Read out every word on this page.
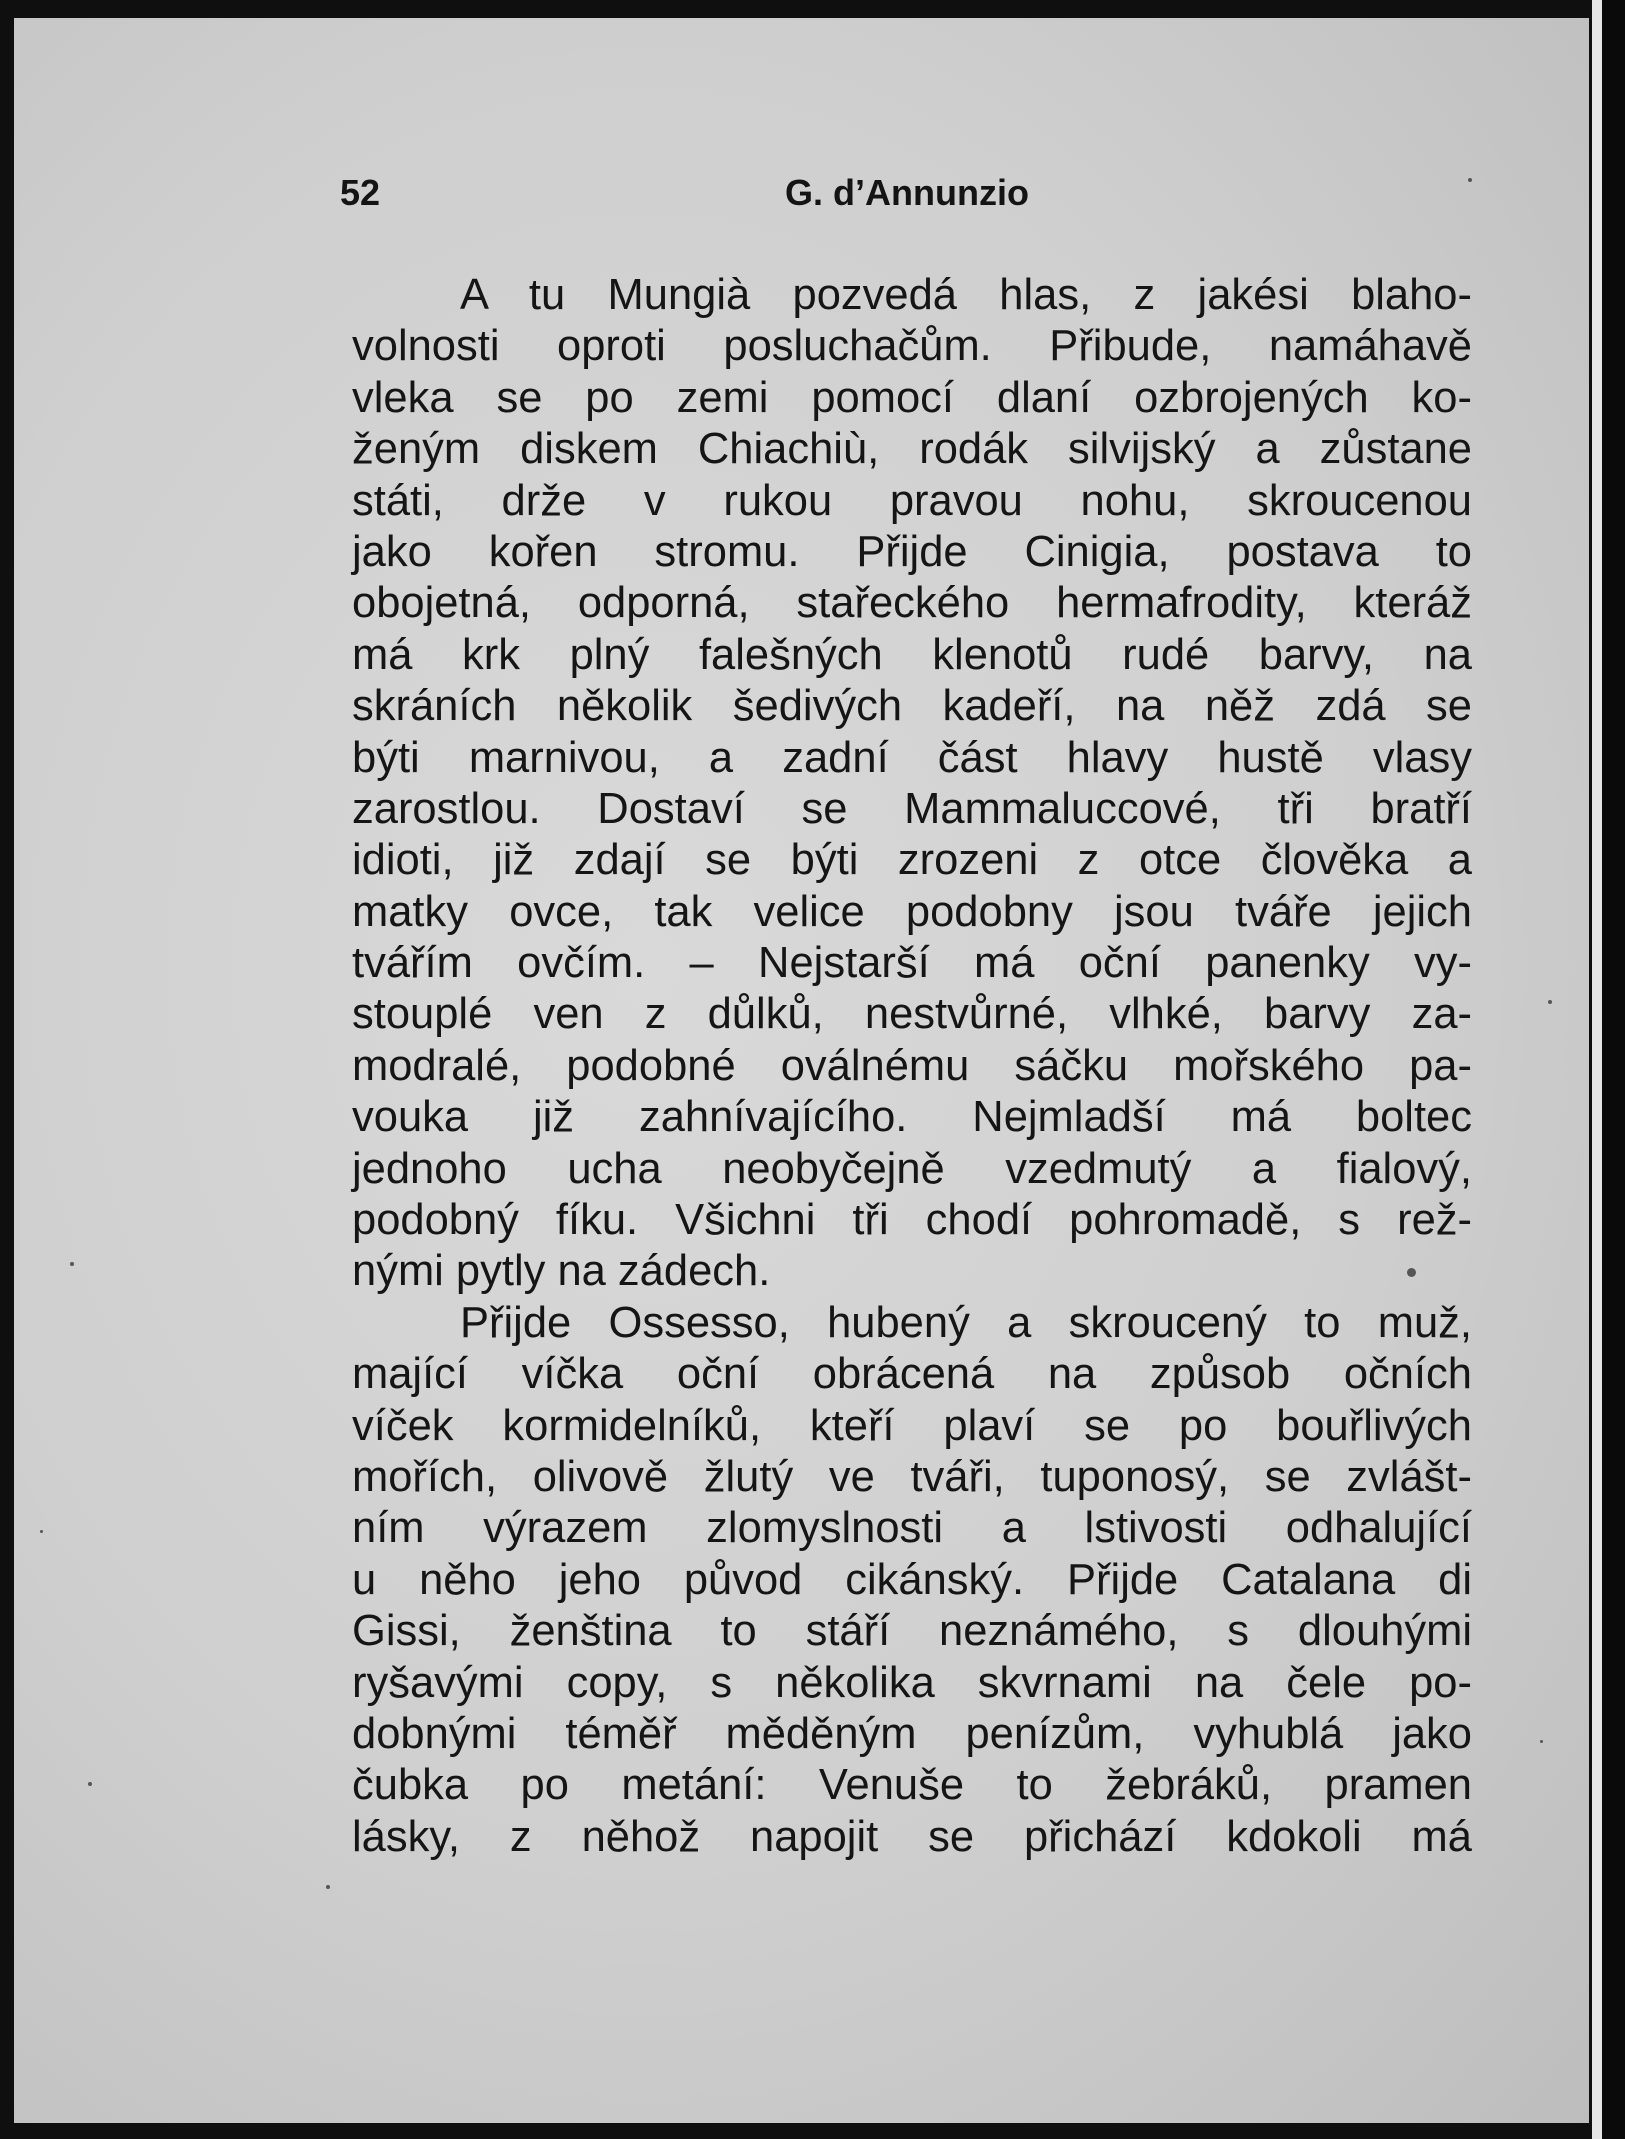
52	G. d’Annunzio
A tu Mungià pozvedá hlas, z jakési blaho-
volnosti oproti posluchačům. Přibude, namáhavě
vleka se po zemi pomocí dlaní ozbrojených ko-
ženým diskem Chiachiù, rodák silvijský a zůstane
státi, drže v rukou pravou nohu, skroucenou
jako kořen stromu. Přijde Cinigia, postava to
obojetná, odporná, stařeckého hermafrodity, kteráž
má krk plný falešných klenotů rudé barvy, na
skráních několik šedivých kadeří, na něž zdá se
býti marnivou, a zadní část hlavy hustě vlasy
zarostlou. Dostaví se Mammaluccové, tři bratří
idioti, již zdají se býti zrozeni z otce člověka a
matky ovce, tak velice podobny jsou tváře jejich
tvářím ovčím. – Nejstarší má oční panenky vy-
stouplé ven z důlků, nestvůrné, vlhké, barvy za-
modralé, podobné oválnému sáčku mořského pa-
vouka již zahnívajícího. Nejmladší má boltec
jednoho ucha neobyčejně vzedmutý a fialový,
podobný fíku. Všichni tři chodí pohromadě, s rež-
nými pytly na zádech.
Přijde Ossesso, hubený a skroucený to muž,
mající víčka oční obrácená na způsob očních
víček kormidelníků, kteří plaví se po bouřlivých
mořích, olivově žlutý ve tváři, tuponosý, se zvlášt-
ním výrazem zlomyslnosti a lstivosti odhalující
u něho jeho původ cikánský. Přijde Catalana di
Gissi, ženština to stáří neznámého, s dlouhými
ryšavými copy, s několika skvrnami na čele po-
dobnými téměř měděným penízům, vyhublá jako
čubka po metání: Venuše to žebráků, pramen
lásky, z něhož napojit se přichází kdokoli má
